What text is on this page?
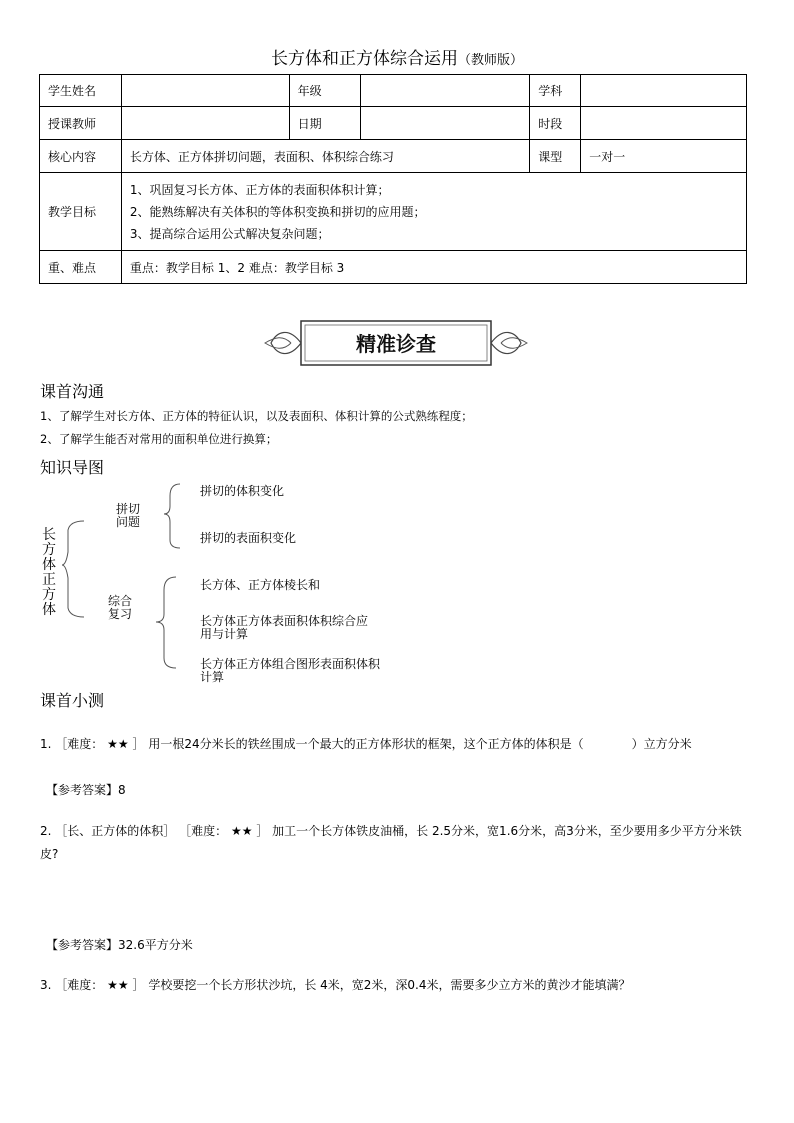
长方体和正方体综合运用（教师版）
学生姓名		年级		学科	
授课教师		日期		时段	
核心内容	长方体、正方体拼切问题，表面积、体积综合练习			课型	一对一
教学目标	1、巩固复习长方体、正方体的表面积体积计算；
2、能熟练解决有关体积的等体积变换和拼切的应用题；
3、提高综合运用公式解决复杂问题；				

重、难点	重点：教学目标 1、2 难点：教学目标 3				
精准诊查
课首沟通
1、了解学生对长方体、正方体的特征认识，以及表面积、体积计算的公式熟练程度；
2、了解学生能否对常用的面积单位进行换算；
知识导图
长
方
体
正
方
体
拼切
问题
拼切的体积变化
拼切的表面积变化
综合
复习
长方体、正方体棱长和
长方体正方体表面积体积综合应
用与计算
长方体正方体组合图形表面积体积
计算
课首小测
1. ［难度： ★★ ］ 用一根24分米长的铁丝围成一个最大的正方体形状的框架，这个正方体的体积是（　　　　）立方分米
【参考答案】8
2. ［长、正方体的体积］ ［难度： ★★ ］ 加工一个长方体铁皮油桶，长 2.5分米，宽1.6分米，高3分米，至少要用多少平方分米铁皮?
【参考答案】32.6平方分米
3. ［难度： ★★ ］ 学校要挖一个长方形状沙坑，长 4米，宽2米，深0.4米，需要多少立方米的黄沙才能填满？
